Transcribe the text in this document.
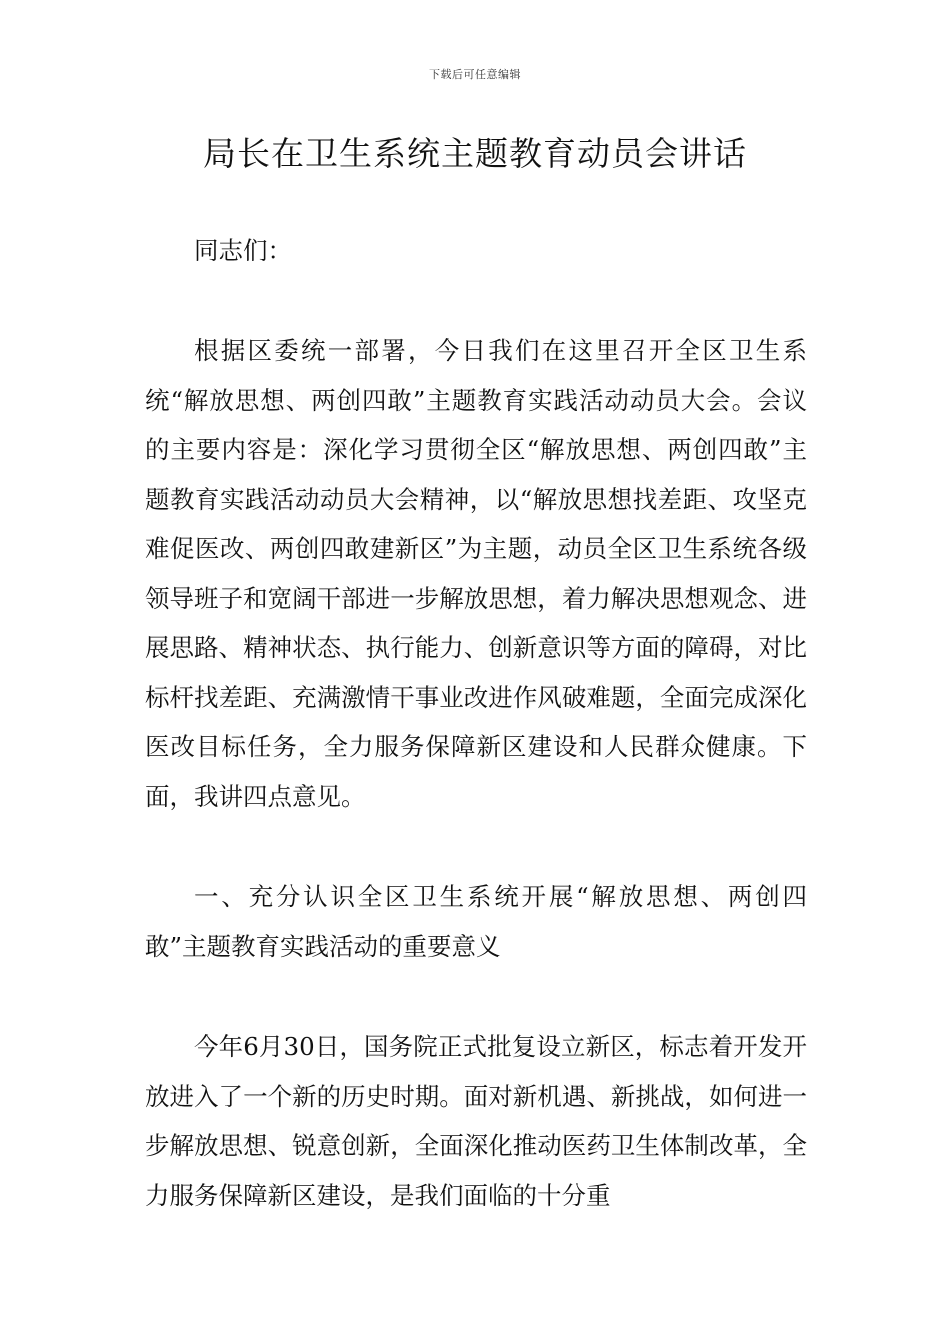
下载后可任意编辑
局长在卫生系统主题教育动员会讲话

同志们：

根据区委统一部署，今日我们在这里召开全区卫生系统“解放思想、两创四敢”主题教育实践活动动员大会。会议的主要内容是：深化学习贯彻全区“解放思想、两创四敢”主题教育实践活动动员大会精神，以“解放思想找差距、攻坚克难促医改、两创四敢建新区”为主题，动员全区卫生系统各级领导班子和宽阔干部进一步解放思想，着力解决思想观念、进展思路、精神状态、执行能力、创新意识等方面的障碍，对比标杆找差距、充满激情干事业改进作风破难题，全面完成深化医改目标任务，全力服务保障新区建设和人民群众健康。下面，我讲四点意见。

一、充分认识全区卫生系统开展“解放思想、两创四敢”主题教育实践活动的重要意义

今年6月30日，国务院正式批复设立新区，标志着开发开放进入了一个新的历史时期。面对新机遇、新挑战，如何进一步解放思想、锐意创新，全面深化推动医药卫生体制改革，全力服务保障新区建设，是我们面临的十分重
